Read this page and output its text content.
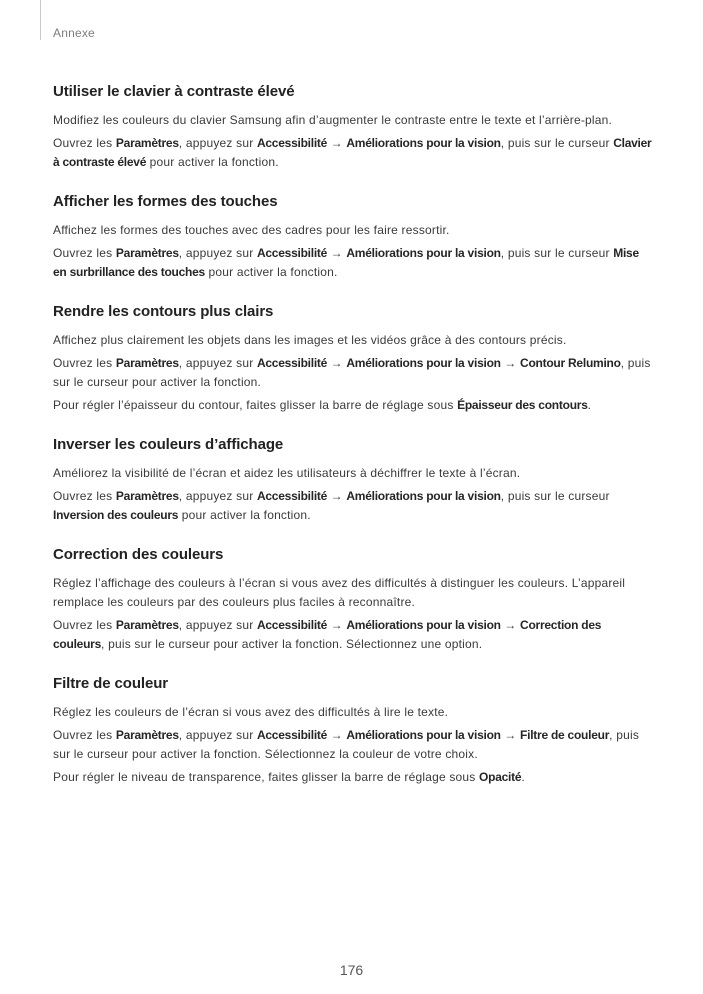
Annexe
Utiliser le clavier à contraste élevé

Modifiez les couleurs du clavier Samsung afin d’augmenter le contraste entre le texte et l’arrière-plan.

Ouvrez les Paramètres, appuyez sur Accessibilité → Améliorations pour la vision, puis sur le curseur Clavier
à contraste élevé pour activer la fonction.

Afficher les formes des touches

Affichez les formes des touches avec des cadres pour les faire ressortir.

Ouvrez les Paramètres, appuyez sur Accessibilité → Améliorations pour la vision, puis sur le curseur Mise
en surbrillance des touches pour activer la fonction.

Rendre les contours plus clairs

Affichez plus clairement les objets dans les images et les vidéos grâce à des contours précis.

Ouvrez les Paramètres, appuyez sur Accessibilité → Améliorations pour la vision → Contour Relumino, puis
sur le curseur pour activer la fonction.

Pour régler l’épaisseur du contour, faites glisser la barre de réglage sous Épaisseur des contours.

Inverser les couleurs d’affichage

Améliorez la visibilité de l’écran et aidez les utilisateurs à déchiffrer le texte à l’écran.

Ouvrez les Paramètres, appuyez sur Accessibilité → Améliorations pour la vision, puis sur le curseur
Inversion des couleurs pour activer la fonction.

Correction des couleurs

Réglez l’affichage des couleurs à l’écran si vous avez des difficultés à distinguer les couleurs. L’appareil
remplace les couleurs par des couleurs plus faciles à reconnaître.

Ouvrez les Paramètres, appuyez sur Accessibilité → Améliorations pour la vision → Correction des
couleurs, puis sur le curseur pour activer la fonction. Sélectionnez une option.

Filtre de couleur

Réglez les couleurs de l’écran si vous avez des difficultés à lire le texte.

Ouvrez les Paramètres, appuyez sur Accessibilité → Améliorations pour la vision → Filtre de couleur, puis
sur le curseur pour activer la fonction. Sélectionnez la couleur de votre choix.

Pour régler le niveau de transparence, faites glisser la barre de réglage sous Opacité.

176
